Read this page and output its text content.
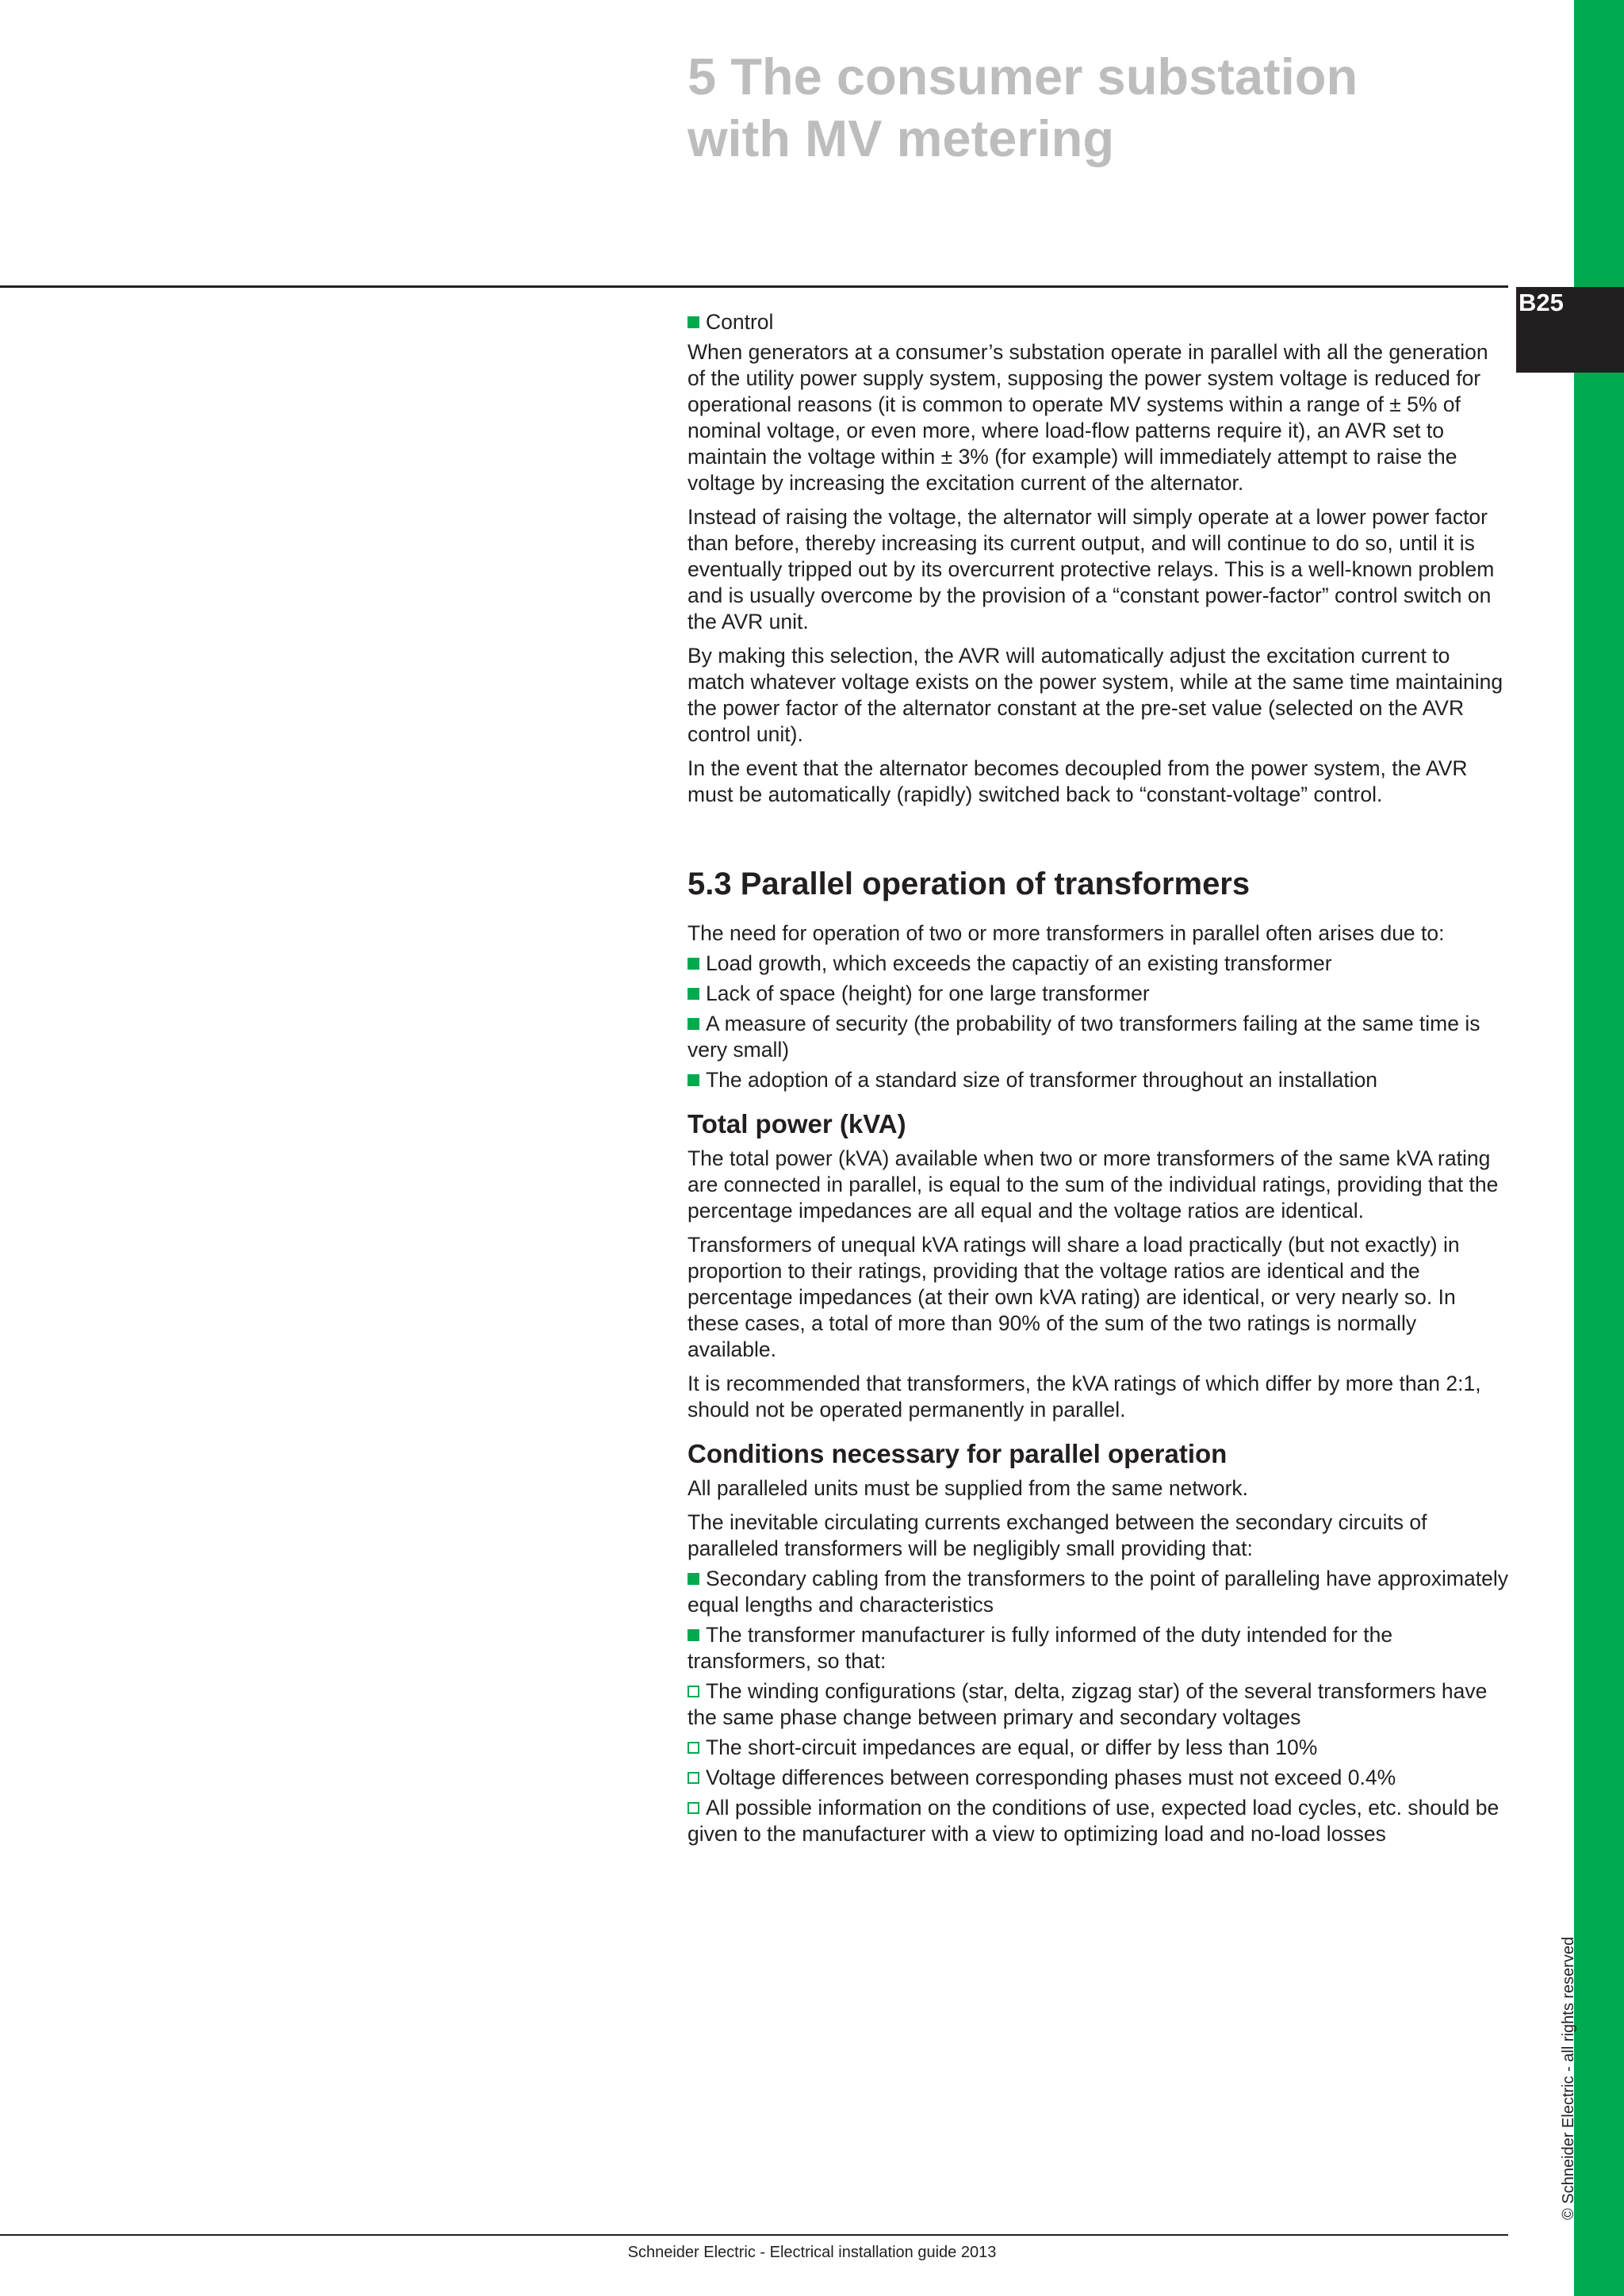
B25
5 The consumer substation
with MV metering

Control

When generators at a consumer’s substation operate in parallel with all the generation of the utility power supply system, supposing the power system voltage is reduced for operational reasons (it is common to operate MV systems within a range of ± 5% of nominal voltage, or even more, where load-flow patterns require it), an AVR set to maintain the voltage within ± 3% (for example) will immediately attempt to raise the voltage by increasing the excitation current of the alternator.

Instead of raising the voltage, the alternator will simply operate at a lower power factor than before, thereby increasing its current output, and will continue to do so, until it is eventually tripped out by its overcurrent protective relays. This is a well-known problem and is usually overcome by the provision of a “constant power-factor” control switch on the AVR unit.

By making this selection, the AVR will automatically adjust the excitation current to match whatever voltage exists on the power system, while at the same time maintaining the power factor of the alternator constant at the pre-set value (selected on the AVR control unit).

In the event that the alternator becomes decoupled from the power system, the AVR must be automatically (rapidly) switched back to “constant-voltage” control.

5.3 Parallel operation of transformers

The need for operation of two or more transformers in parallel often arises due to:

Load growth, which exceeds the capactiy of an existing transformer

Lack of space (height) for one large transformer

A measure of security (the probability of two transformers failing at the same time is very small)

The adoption of a standard size of transformer throughout an installation

Total power (kVA)

The total power (kVA) available when two or more transformers of the same kVA rating are connected in parallel, is equal to the sum of the individual ratings, providing that the percentage impedances are all equal and the voltage ratios are identical.

Transformers of unequal kVA ratings will share a load practically (but not exactly) in proportion to their ratings, providing that the voltage ratios are identical and the percentage impedances (at their own kVA rating) are identical, or very nearly so. In these cases, a total of more than 90% of the sum of the two ratings is normally available.

It is recommended that transformers, the kVA ratings of which differ by more than 2:1, should not be operated permanently in parallel.

Conditions necessary for parallel operation

All paralleled units must be supplied from the same network.

The inevitable circulating currents exchanged between the secondary circuits of paralleled transformers will be negligibly small providing that:

Secondary cabling from the transformers to the point of paralleling have approximately equal lengths and characteristics

The transformer manufacturer is fully informed of the duty intended for the transformers, so that:

The winding configurations (star, delta, zigzag star) of the several transformers have the same phase change between primary and secondary voltages

The short-circuit impedances are equal, or differ by less than 10%

Voltage differences between corresponding phases must not exceed 0.4%

All possible information on the conditions of use, expected load cycles, etc. should be given to the manufacturer with a view to optimizing load and no-load losses

© Schneider Electric - all rights reserved
Schneider Electric - Electrical installation guide 2013
